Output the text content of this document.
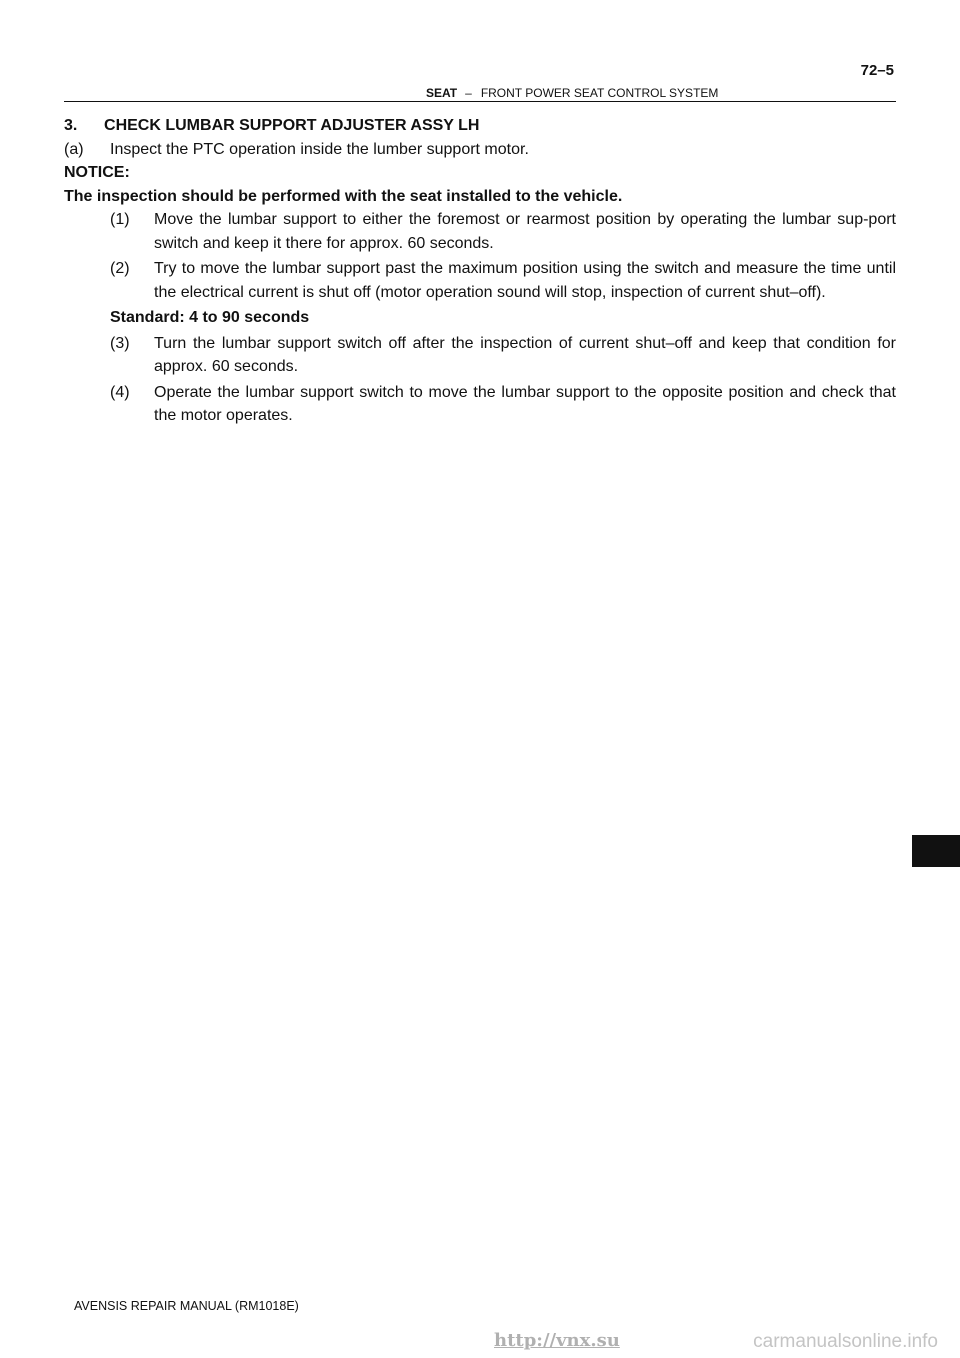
72–5
SEAT – FRONT POWER SEAT CONTROL SYSTEM
3.      CHECK LUMBAR SUPPORT ADJUSTER ASSY LH
(a) Inspect the PTC operation inside the lumber support motor.
NOTICE:
The inspection should be performed with the seat installed to the vehicle.
(1) Move the lumbar support to either the foremost or rearmost position by operating the lumbar sup-port switch and keep it there for approx. 60 seconds.
(2) Try to move the lumbar support past the maximum position using the switch and measure the time until the electrical current is shut off (motor operation sound will stop, inspection of current shut–off).
Standard: 4 to 90 seconds
(3) Turn the lumbar support switch off after the inspection of current shut–off and keep that condition for approx. 60 seconds.
(4) Operate the lumbar support switch to move the lumbar support to the opposite position and check that the motor operates.
AVENSIS REPAIR MANUAL (RM1018E)
http://vnx.su	carmanualsonline.info
